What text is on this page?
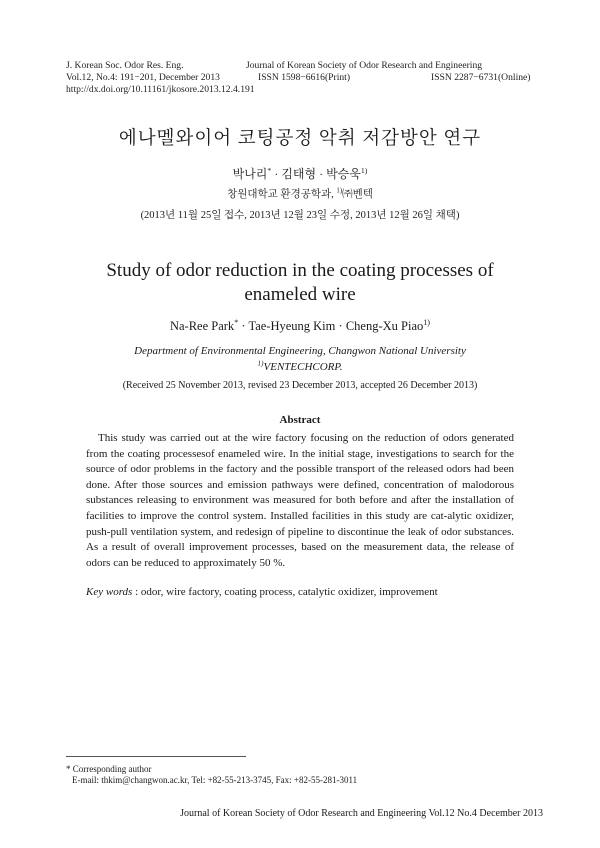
J. Korean Soc. Odor Res. Eng.	Journal of Korean Society of Odor Research and Engineering
Vol.12, No.4: 191−201, December 2013	ISSN 1598−6616(Print)	ISSN 2287−6731(Online)
http://dx.doi.org/10.11161/jkosore.2013.12.4.191
에나멜와이어 코팅공정 악취 저감방안 연구
박나리* · 김태형 · 박승욱$^{1)}$
창원대학교 환경공학과, $^{1)}$㈜벤텍
(2013년 11월 25일 접수, 2013년 12월 23일 수정, 2013년 12월 26일 채택)
Study of odor reduction in the coating processes of
enameled wire
Na-Ree Park* · Tae-Hyeung Kim · Cheng-Xu Piao$^{1)}$
Department of Environmental Engineering, Changwon National University
$^{1)}$VENTECHCORP.
(Received 25 November 2013, revised 23 December 2013, accepted 26 December 2013)
Abstract

This study was carried out at the wire factory focusing on the reduction of odors generated from the coating processesof enameled wire. In the initial stage, investigations to search for the source of odor problems in the factory and the possible transport of the released odors had been done. After those sources and emission pathways were defined, concentration of malodorous substances releasing to environment was measured for both before and after the installation of facilities to improve the control system. Installed facilities in this study are cat-alytic oxidizer, push-pull ventilation system, and redesign of pipeline to discontinue the leak of odor substances. As a result of overall improvement processes, based on the measurement data, the release of odors can be reduced to approximately 50 %.

Key words : odor, wire factory, coating process, catalytic oxidizer, improvement
* Corresponding author
E-mail: thkim@changwon.ac.kr, Tel: +82-55-213-3745, Fax: +82-55-281-3011
Journal of Korean Society of Odor Research and Engineering Vol.12 No.4 December 2013
